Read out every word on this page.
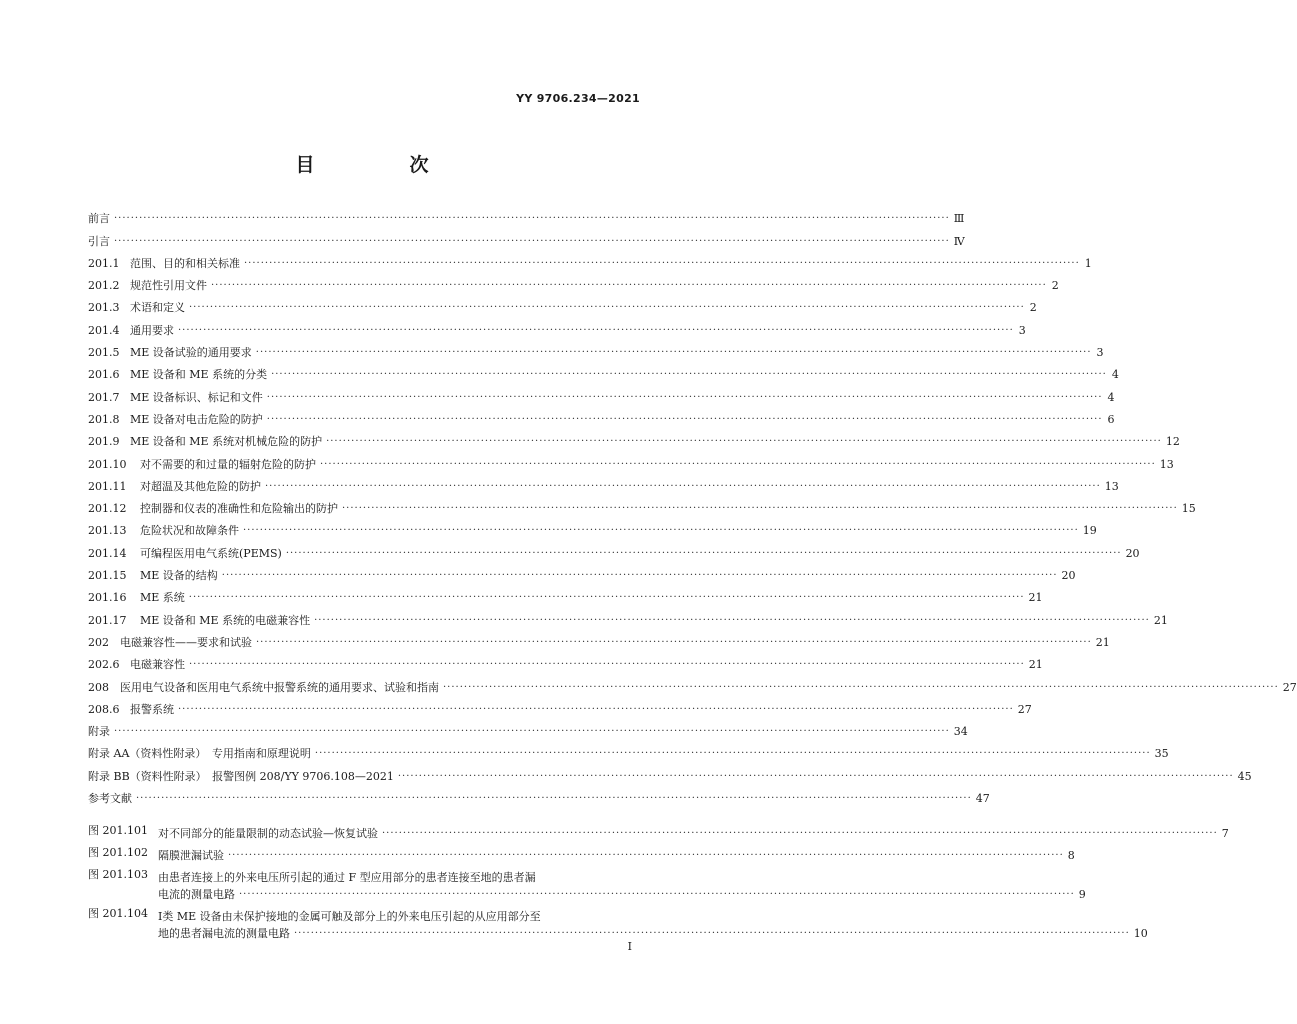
YY 9706.234—2021
目　次
前言 ········································································································································································································ Ⅲ
引言 ········································································································································································································ Ⅳ
201.1 范围、目的和相关标准 ········································································································································································································ 1
201.2 规范性引用文件 ········································································································································································································ 2
201.3 术语和定义 ········································································································································································································ 2
201.4 通用要求 ········································································································································································································ 3
201.5 ME 设备试验的通用要求 ········································································································································································································ 3
201.6 ME 设备和 ME 系统的分类 ········································································································································································································ 4
201.7 ME 设备标识、标记和文件 ········································································································································································································ 4
201.8 ME 设备对电击危险的防护 ········································································································································································································ 6
201.9 ME 设备和 ME 系统对机械危险的防护 ········································································································································································································ 12
201.10	对不需要的和过量的辐射危险的防护 ········································································································································································································ 13
201.11	对超温及其他危险的防护 ········································································································································································································ 13
201.12	控制器和仪表的准确性和危险输出的防护 ········································································································································································································ 15
201.13	危险状况和故障条件 ········································································································································································································ 19
201.14	可编程医用电气系统(PEMS) ········································································································································································································ 20
201.15	ME 设备的结构 ········································································································································································································ 20
201.16	ME 系统 ········································································································································································································ 21
201.17	ME 设备和 ME 系统的电磁兼容性 ········································································································································································································ 21
202	电磁兼容性——要求和试验 ········································································································································································································ 21
202.6 电磁兼容性 ········································································································································································································ 21
208	医用电气设备和医用电气系统中报警系统的通用要求、试验和指南 ········································································································································································································ 27
208.6 报警系统 ········································································································································································································ 27
附录 ········································································································································································································ 34
附录 AA（资料性附录）　专用指南和原理说明 ········································································································································································································ 35
附录 BB（资料性附录）　报警图例 208/YY 9706.108—2021 ········································································································································································································ 45
参考文献 ········································································································································································································ 47
图 201.101 对不同部分的能量限制的动态试验—恢复试验 ········································································································································································································ 7
图 201.102 隔膜泄漏试验 ········································································································································································································ 8
图 201.103 由患者连接上的外来电压所引起的通过 F 型应用部分的患者连接至地的患者漏
电流的测量电路 ········································································································································································································ 9
图 201.104 Ⅰ类 ME 设备由未保护接地的金属可触及部分上的外来电压引起的从应用部分至
地的患者漏电流的测量电路 ········································································································································································································ 10
Ⅰ
